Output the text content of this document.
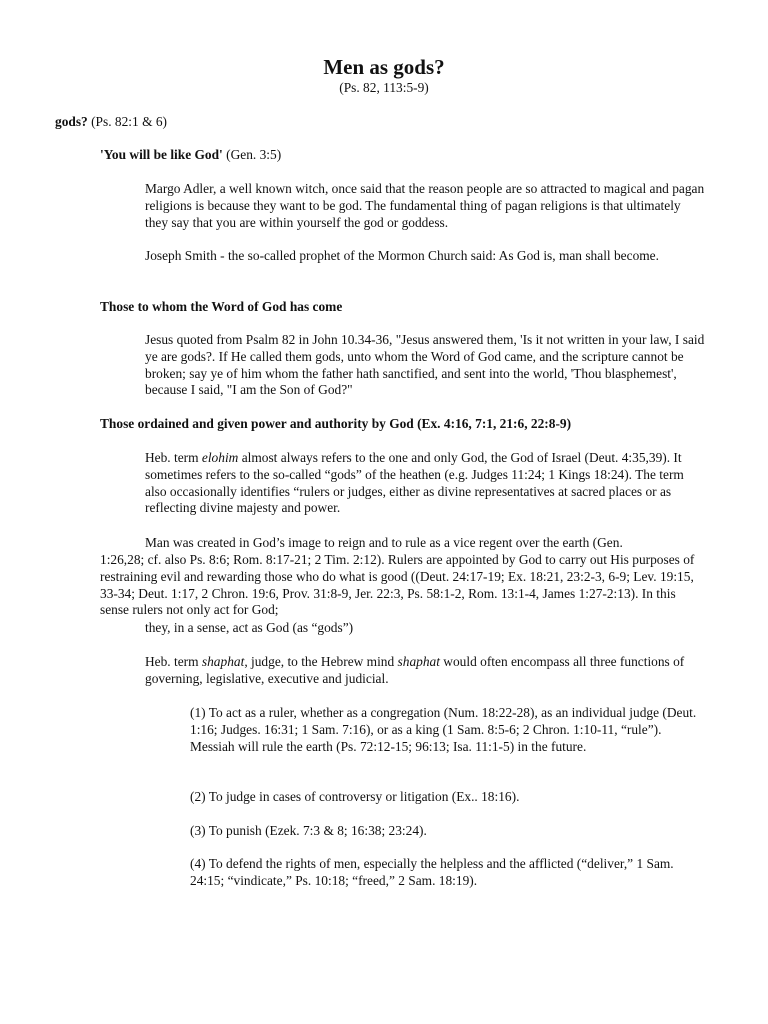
Men as gods?
(Ps. 82, 113:5-9)
gods? (Ps. 82:1 & 6)
'You will be like God' (Gen. 3:5)
Margo Adler, a well known witch, once said that the reason people are so attracted to magical and pagan religions is because they want to be god. The fundamental thing of pagan religions is that ultimately they say that you are within yourself the god or goddess.
Joseph Smith - the so-called prophet of the Mormon Church said: As God is, man shall become.
Those to whom the Word of God has come
Jesus quoted from Psalm 82 in John 10.34-36, "Jesus answered them, 'Is it not written in your law, I said ye are gods?. If He called them gods, unto whom the Word of God came, and the scripture cannot be broken; say ye of him whom the father hath sanctified, and sent into the world, 'Thou blasphemest', because I said, "I am the Son of God?"
Those ordained and given power and authority by God (Ex. 4:16, 7:1, 21:6, 22:8-9)
Heb. term elohim almost always refers to the one and only God, the God of Israel (Deut. 4:35,39). It sometimes refers to the so-called “gods” of the heathen (e.g. Judges 11:24; 1 Kings 18:24). The term also occasionally identifies “rulers or judges, either as divine representatives at sacred places or as reflecting divine majesty and power.
Man was created in God’s image to reign and to rule as a vice regent over the earth (Gen.
1:26,28; cf. also Ps. 8:6; Rom. 8:17-21; 2 Tim. 2:12). Rulers are appointed by God to carry out His purposes of restraining evil and rewarding those who do what is good ((Deut. 24:17-19; Ex. 18:21, 23:2-3, 6-9; Lev. 19:15, 33-34; Deut. 1:17, 2 Chron. 19:6, Prov. 31:8-9, Jer. 22:3, Ps. 58:1-2, Rom. 13:1-4, James 1:27-2:13). In this sense rulers not only act for God;
they, in a sense, act as God (as “gods”)
Heb. term shaphat, judge, to the Hebrew mind shaphat would often encompass all three functions of governing, legislative, executive and judicial.
(1) To act as a ruler, whether as a congregation (Num. 18:22-28), as an individual judge (Deut. 1:16; Judges. 16:31; 1 Sam. 7:16), or as a king (1 Sam. 8:5-6; 2 Chron. 1:10-11, “rule”). Messiah will rule the earth (Ps. 72:12-15; 96:13; Isa. 11:1-5) in the future.
(2) To judge in cases of controversy or litigation (Ex.. 18:16).
(3) To punish (Ezek. 7:3 & 8; 16:38; 23:24).
(4) To defend the rights of men, especially the helpless and the afflicted (“deliver,” 1 Sam. 24:15; “vindicate,” Ps. 10:18; “freed,” 2 Sam. 18:19).
